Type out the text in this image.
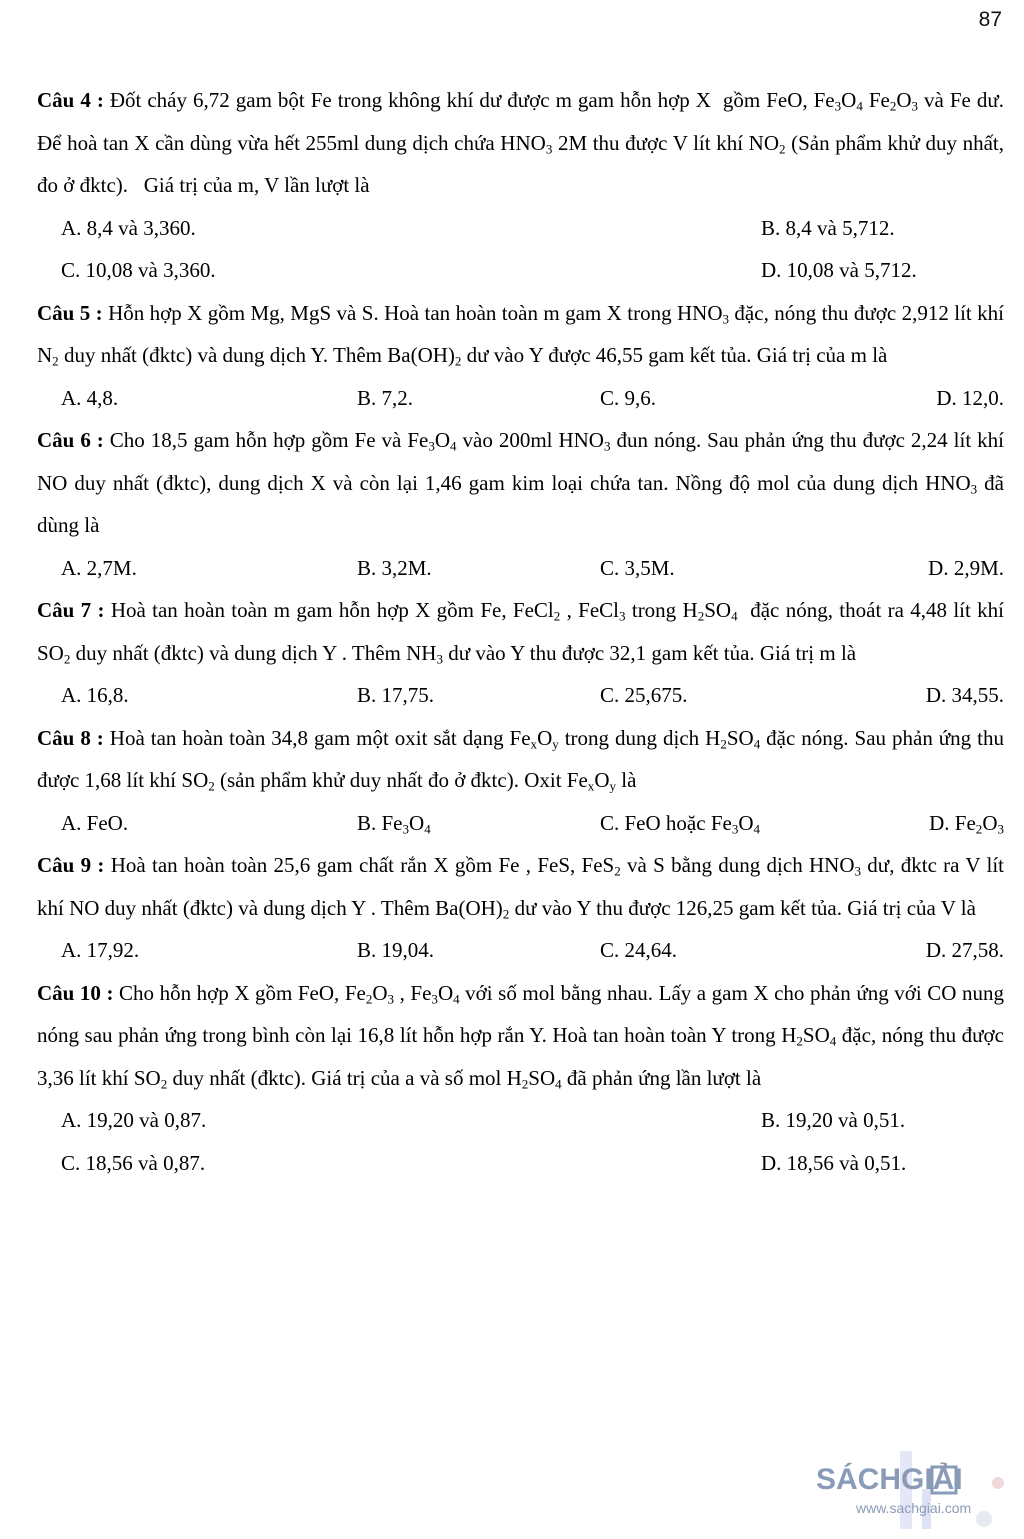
87
Câu 4 : Đốt cháy 6,72 gam bột Fe trong không khí dư được m gam hỗn hợp X  gồm FeO, $Fe_3O_4$ $Fe_2O_3$ và Fe dư. Để hoà tan X cần dùng vừa hết 255ml dung dịch chứa $HNO_3$ 2M thu được V lít khí $NO_2$ (Sản phẩm khử duy nhất, đo ở đktc).   Giá trị của m, V lần lượt là
A. 8,4 và 3,360.	B. 8,4 và 5,712.
C. 10,08 và 3,360.	D. 10,08 và 5,712.
Câu 5 : Hỗn hợp X gồm Mg, MgS và S. Hoà tan hoàn toàn m gam X trong $HNO_3$ đặc, nóng thu được 2,912 lít khí $N_2$ duy nhất (đktc) và dung dịch Y. Thêm $Ba(OH)_2$ dư vào Y được 46,55 gam kết tủa. Giá trị của m là
A. 4,8.	B. 7,2.	C. 9,6.	D. 12,0.
Câu 6 : Cho 18,5 gam hỗn hợp gồm Fe và $Fe_3O_4$ vào 200ml $HNO_3$ đun nóng. Sau phản ứng thu được 2,24 lít khí NO duy nhất (đktc), dung dịch X và còn lại 1,46 gam kim loại chứa tan. Nồng độ mol của dung dịch $HNO_3$ đã dùng là
A. 2,7M.	B. 3,2M.	C. 3,5M.	D. 2,9M.
Câu 7 : Hoà tan hoàn toàn m gam hỗn hợp X gồm Fe, FeCl$_2$ , FeCl$_3$ trong $H_2SO_4$  đặc nóng, thoát ra 4,48 lít khí $SO_2$ duy nhất (đktc) và dung dịch Y . Thêm $NH_3$ dư vào Y thu được 32,1 gam kết tủa. Giá trị m là
A. 16,8.	B. 17,75.	C. 25,675.	D. 34,55.
Câu 8 : Hoà tan hoàn toàn 34,8 gam một oxit sắt dạng $Fe_xO_y$ trong dung dịch $H_2SO_4$ đặc nóng. Sau phản ứng thu được 1,68 lít khí $SO_2$ (sản phẩm khử duy nhất đo ở đktc). Oxit $Fe_xO_y$ là
A. FeO.	B. $Fe_3O_4$	C. FeO hoặc $Fe_3O_4$	D. $Fe_2O_3$
Câu 9 : Hoà tan hoàn toàn 25,6 gam chất rắn X gồm Fe , FeS, FeS$_2$ và S bằng dung dịch $HNO_3$ dư, đktc ra V lít khí NO duy nhất (đktc) và dung dịch Y . Thêm $Ba(OH)_2$ dư vào Y thu được 126,25 gam kết tủa. Giá trị của V là
A. 17,92.	B. 19,04.	C. 24,64.	D. 27,58.
Câu 10 : Cho hỗn hợp X gồm FeO, $Fe_2O_3$ , $Fe_3O_4$ với số mol bằng nhau. Lấy a gam X cho phản ứng với CO nung nóng sau phản ứng trong bình còn lại 16,8 lít hỗn hợp rắn Y. Hoà tan hoàn toàn Y trong $H_2SO_4$ đặc, nóng thu được 3,36 lít khí $SO_2$ duy nhất (đktc). Giá trị của a và số mol $H_2SO_4$ đã phản ứng lần lượt là
A. 19,20 và 0,87.	B. 19,20 và 0,51.
C. 18,56 và 0,87.	D. 18,56 và 0,51.
SÁCHGIẢI
www.sachgiai.com
